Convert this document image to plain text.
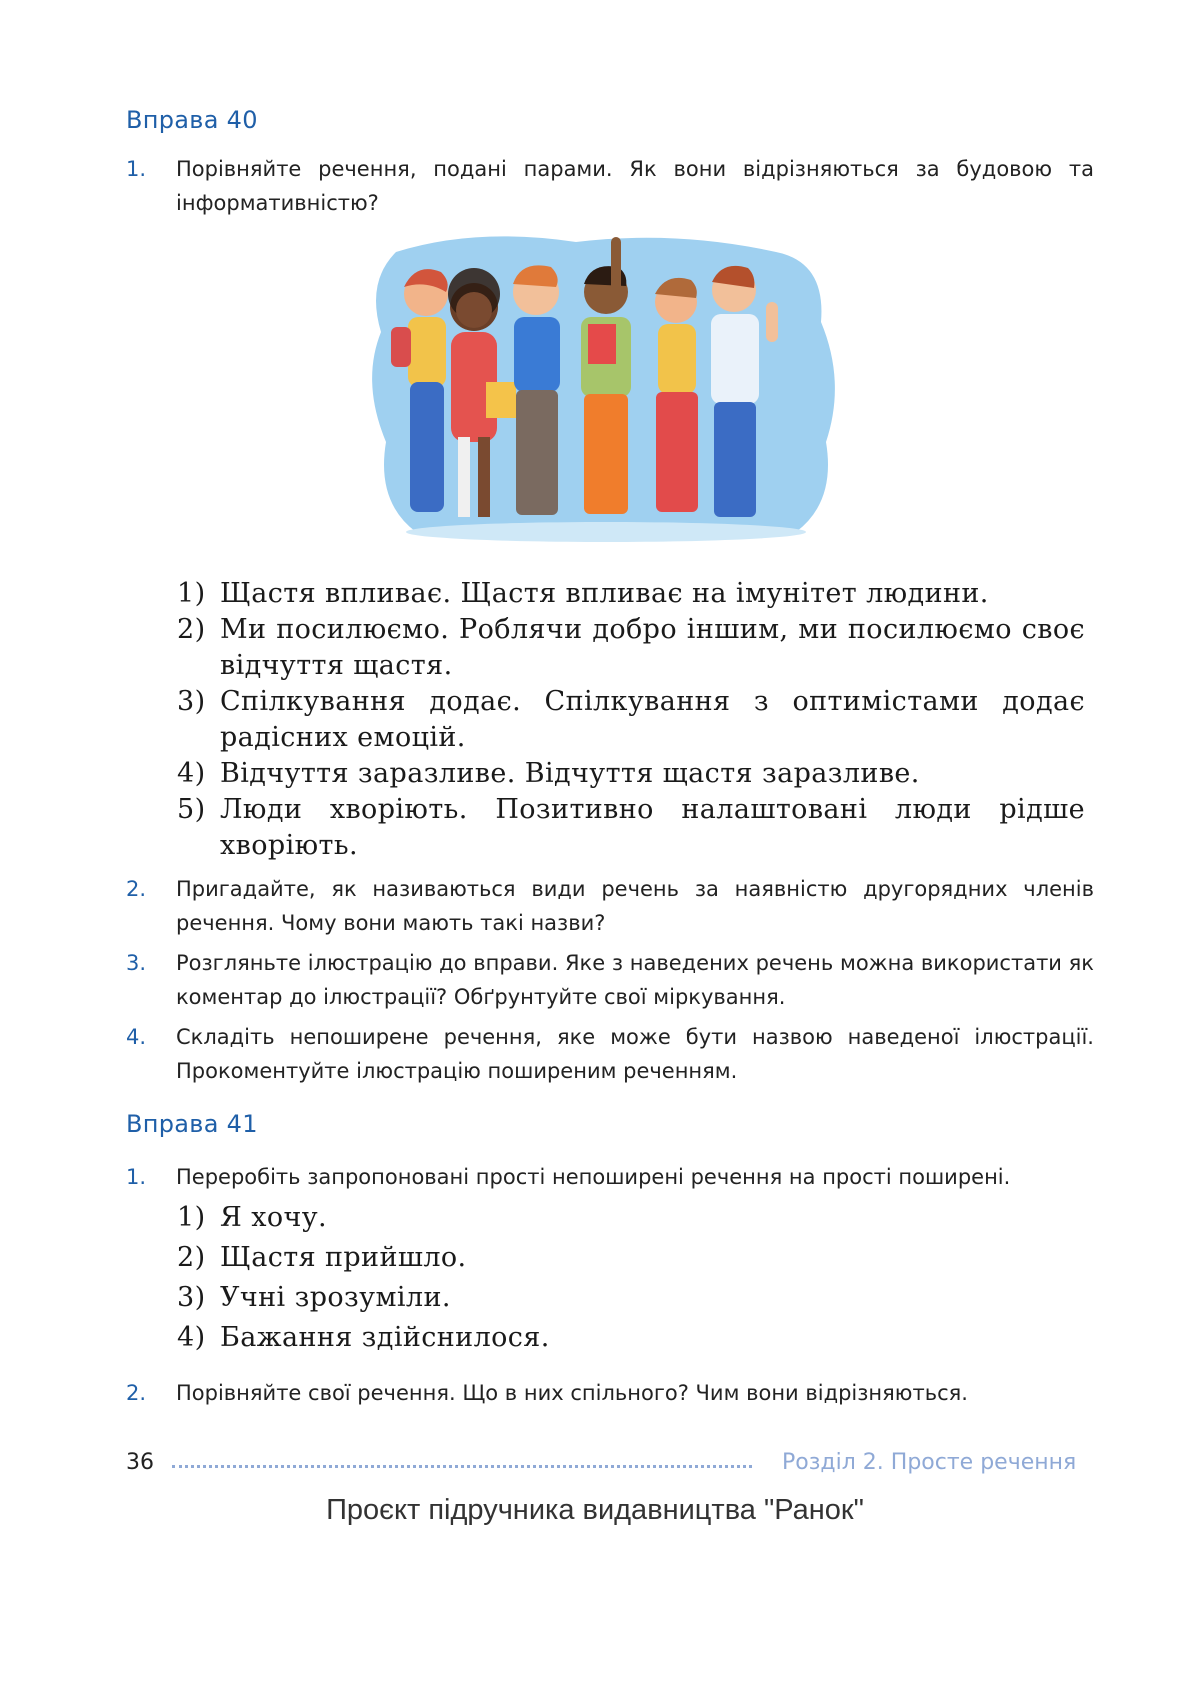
Вправа 40
1. Порівняйте речення, подані парами. Як вони відрізняються за будовою та інформативністю?
1) Щастя впливає. Щастя впливає на імунітет людини.
2) Ми посилюємо. Роблячи добро іншим, ми посилюємо своє відчуття щастя.
3) Спілкування додає. Спілкування з оптимістами додає радісних емоцій.
4) Відчуття заразливе. Відчуття щастя заразливе.
5) Люди хворіють. Позитивно налаштовані люди рідше хворіють.
2. Пригадайте, як називаються види речень за наявністю другорядних членів речення. Чому вони мають такі назви?
3. Розгляньте ілюстрацію до вправи. Яке з наведених речень можна використати як коментар до ілюстрації? Обґрунтуйте свої міркування.
4. Складіть непоширене речення, яке може бути назвою наведеної ілюстрації. Прокоментуйте ілюстрацію поширеним реченням.
Вправа 41
1. Переробіть запропоновані прості непоширені речення на прості поширені.
1) Я хочу.
2) Щастя прийшло.
3) Учні зрозуміли.
4) Бажання здійснилося.
2. Порівняйте свої речення. Що в них спільного? Чим вони відрізняються.
36	Розділ 2. Просте речення
Проєкт підручника видавництва "Ранок"
